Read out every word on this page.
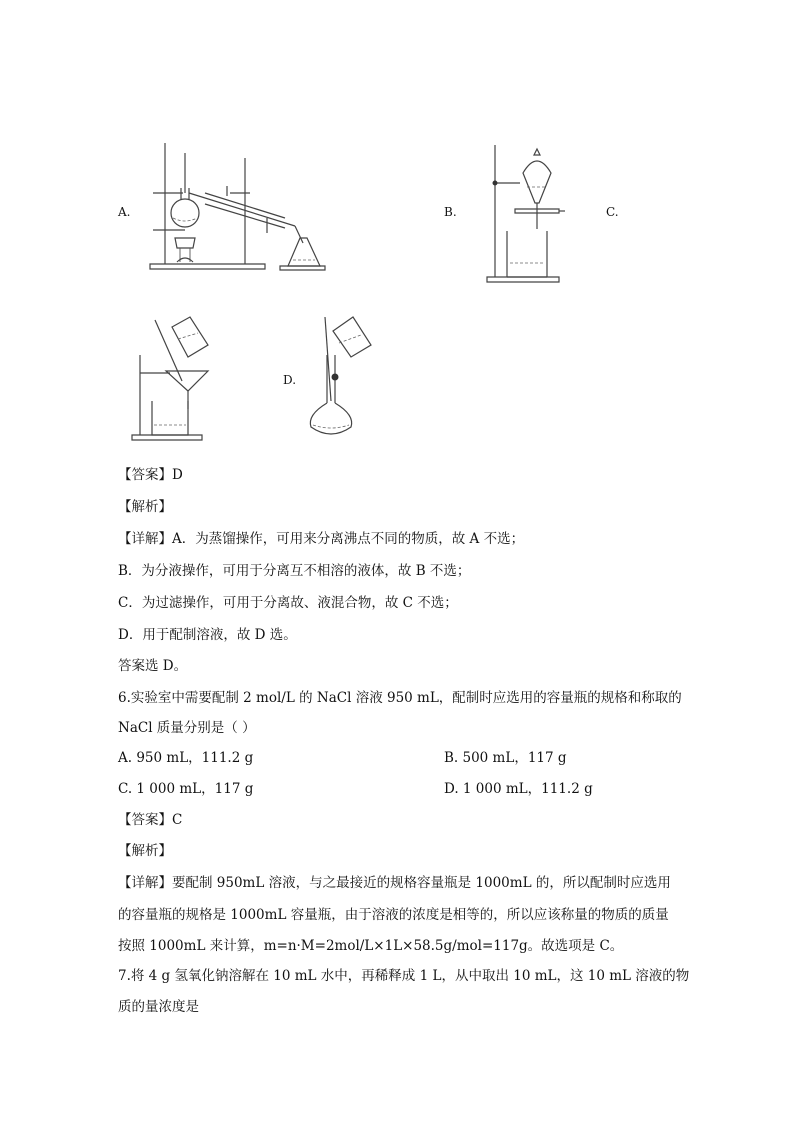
A.	B.	C.
D.
【答案】D
【解析】
【详解】A．为蒸馏操作，可用来分离沸点不同的物质，故 A 不选；
B．为分液操作，可用于分离互不相溶的液体，故 B 不选；
C．为过滤操作，可用于分离故、液混合物，故 C 不选；
D．用于配制溶液，故 D 选。
答案选 D。
6.实验室中需要配制 2 mol/L 的 NaCl 溶液 950 mL，配制时应选用的容量瓶的规格和称取的
NaCl 质量分别是（ ）
A. 950 mL，111.2 g	B. 500 mL，117 g
C. 1 000 mL，117 g	D. 1 000 mL，111.2 g
【答案】C
【解析】
【详解】要配制 950mL 溶液，与之最接近的规格容量瓶是 1000mL 的，所以配制时应选用
的容量瓶的规格是 1000mL 容量瓶，由于溶液的浓度是相等的，所以应该称量的物质的质量
按照 1000mL 来计算，m=n·M=2mol/L×1L×58.5g/mol=117g。故选项是 C。
7.将 4 g 氢氧化钠溶解在 10 mL 水中，再稀释成 1 L，从中取出 10 mL，这 10 mL 溶液的物
质的量浓度是
